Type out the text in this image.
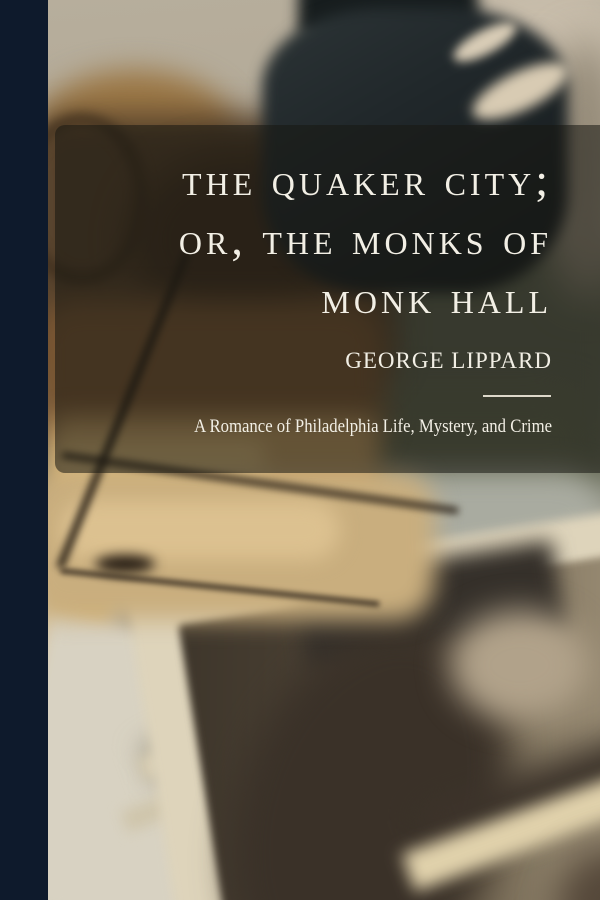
the quaker city;
or, the monks of
monk hall
GEORGE LIPPARD
A Romance of Philadelphia Life, Mystery, and Crime
